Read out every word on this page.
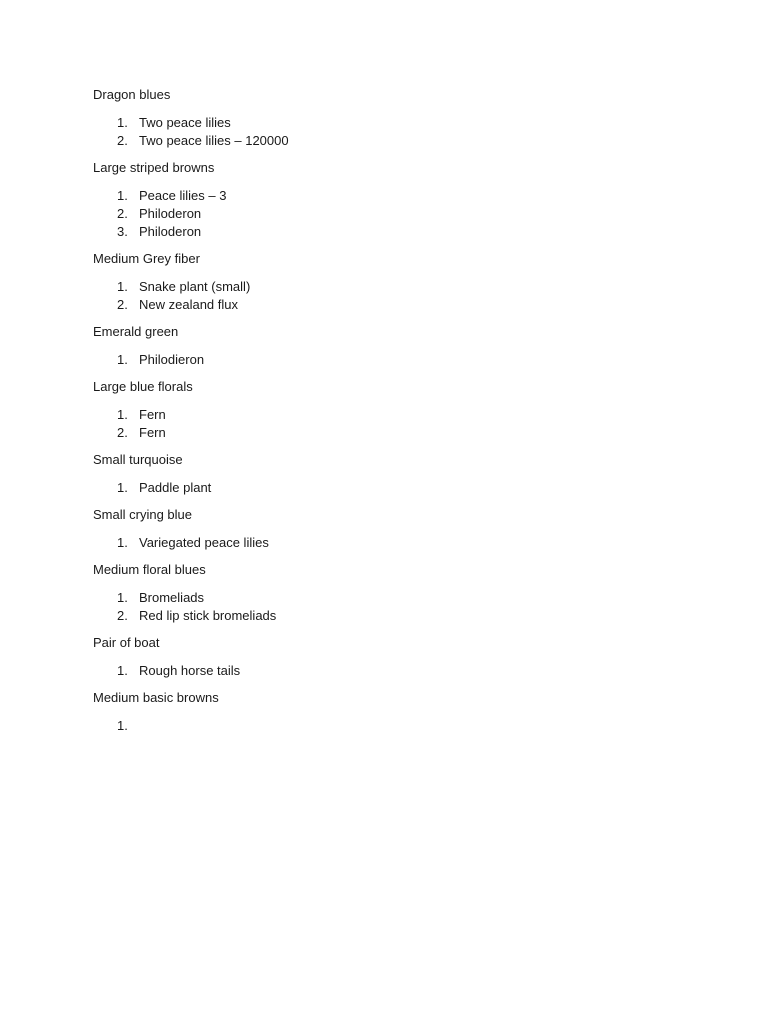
Dragon blues

1. Two peace lilies
2. Two peace lilies – 120000

Large striped browns

1. Peace lilies – 3
2. Philoderon
3. Philoderon

Medium Grey fiber

1. Snake plant (small)
2. New zealand flux

Emerald green

1. Philodieron

Large blue florals

1. Fern
2. Fern

Small turquoise

1. Paddle plant

Small crying blue

1. Variegated peace lilies

Medium floral blues

1. Bromeliads
2. Red lip stick bromeliads

Pair of boat

1. Rough horse tails

Medium basic browns

1.
